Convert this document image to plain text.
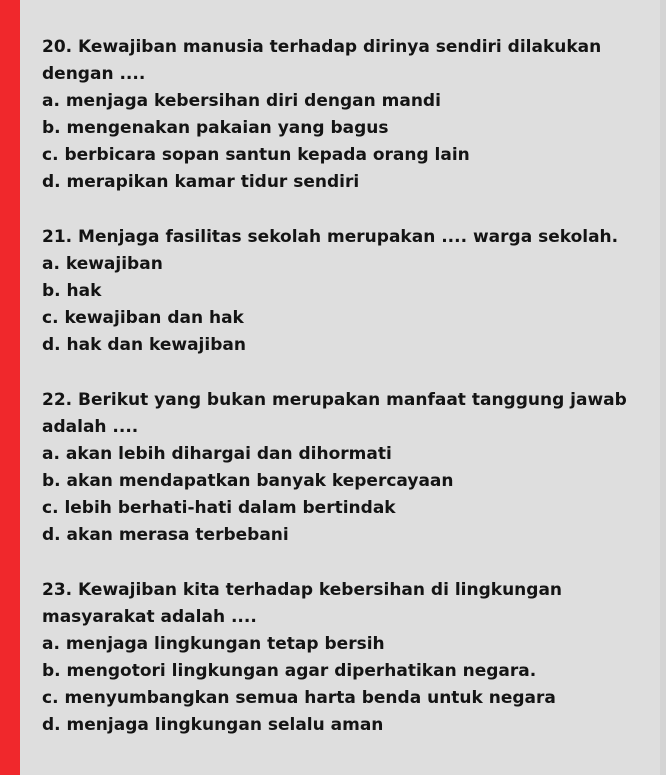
20. Kewajiban manusia terhadap dirinya sendiri dilakukan dengan ....
a. menjaga kebersihan diri dengan mandi
b. mengenakan pakaian yang bagus
c. berbicara sopan santun kepada orang lain
d. merapikan kamar tidur sendiri
21. Menjaga fasilitas sekolah merupakan .... warga sekolah.
a. kewajiban
b. hak
c. kewajiban dan hak
d. hak dan kewajiban
22. Berikut yang bukan merupakan manfaat tanggung jawab adalah ....
a. akan lebih dihargai dan dihormati
b. akan mendapatkan banyak kepercayaan
c. lebih berhati-hati dalam bertindak
d. akan merasa terbebani
23. Kewajiban kita terhadap kebersihan di lingkungan masyarakat adalah ....
a. menjaga lingkungan tetap bersih
b. mengotori lingkungan agar diperhatikan negara.
c. menyumbangkan semua harta benda untuk negara
d. menjaga lingkungan selalu aman
